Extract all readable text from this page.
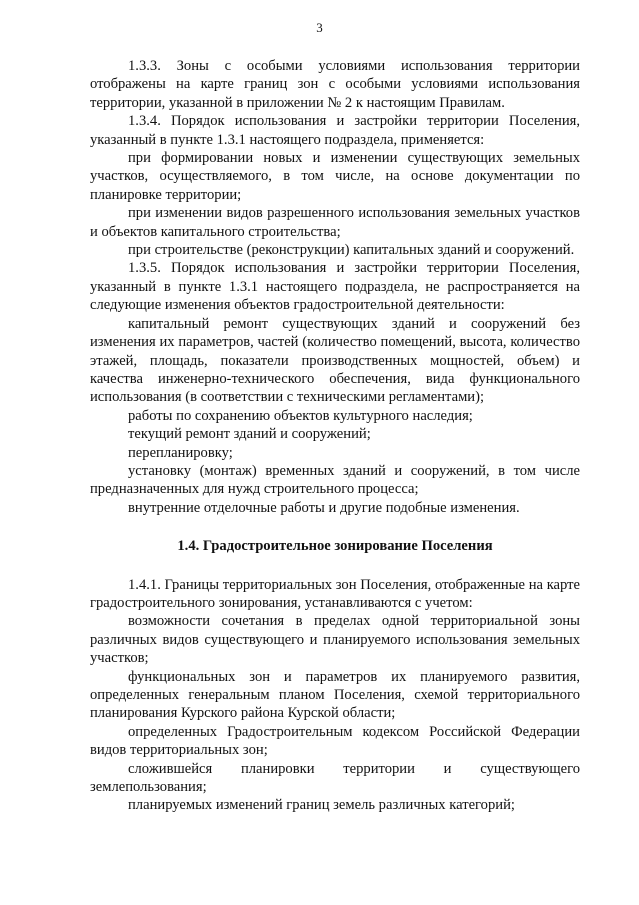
3

1.3.3. Зоны с особыми условиями использования территории отображены на карте границ зон с особыми условиями использования территории, указанной в приложении № 2 к настоящим Правилам.

1.3.4. Порядок использования и застройки территории Поселения, указанный в пункте 1.3.1 настоящего подраздела, применяется:

при формировании новых и изменении существующих земельных участков, осуществляемого, в том числе, на основе документации по планировке территории;

при изменении видов разрешенного использования земельных участков и объектов капитального строительства;

при строительстве (реконструкции) капитальных зданий и сооружений.

1.3.5. Порядок использования и застройки территории Поселения, указанный в пункте 1.3.1 настоящего подраздела, не распространяется на следующие изменения объектов градостроительной деятельности:

капитальный ремонт существующих зданий и сооружений без изменения их параметров, частей (количество помещений, высота, количество этажей, площадь, показатели производственных мощностей, объем) и качества инженерно-технического обеспечения, вида функционального использования (в соответствии с техническими регламентами);

работы по сохранению объектов культурного наследия;

текущий ремонт зданий и сооружений;

перепланировку;

установку (монтаж) временных зданий и сооружений, в том числе предназначенных для нужд строительного процесса;

внутренние отделочные работы и другие подобные изменения.

1.4. Градостроительное зонирование Поселения

1.4.1. Границы территориальных зон Поселения, отображенные на карте градостроительного зонирования, устанавливаются с учетом:

возможности сочетания в пределах одной территориальной зоны различных видов существующего и планируемого использования земельных участков;

функциональных зон и параметров их планируемого развития, определенных генеральным планом Поселения, схемой территориального планирования Курского района Курской области;

определенных Градостроительным кодексом Российской Федерации видов территориальных зон;

сложившейся планировки территории и существующего землепользования;

планируемых изменений границ земель различных категорий;
